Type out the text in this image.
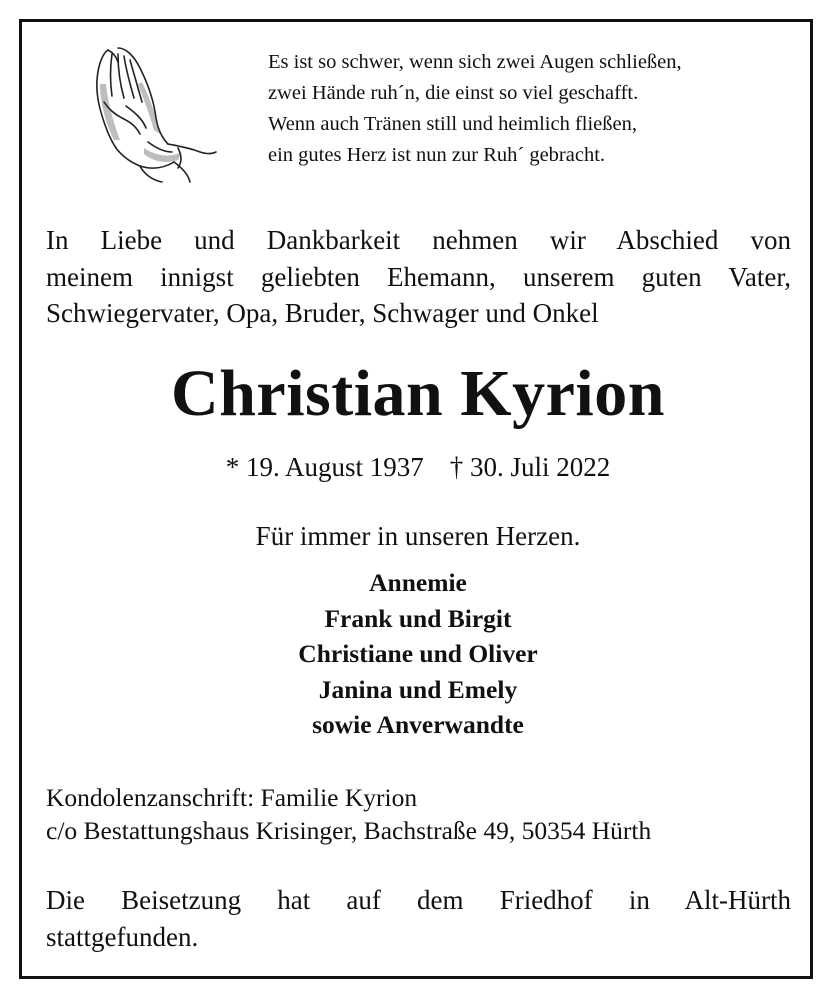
Es ist so schwer, wenn sich zwei Augen schließen,
zwei Hände ruh´n, die einst so viel geschafft.
Wenn auch Tränen still und heimlich fließen,
ein gutes Herz ist nun zur Ruh´ gebracht.
In Liebe und Dankbarkeit nehmen wir Abschied von
meinem innigst geliebten Ehemann, unserem guten Vater,
Schwiegervater, Opa, Bruder, Schwager und Onkel
Christian Kyrion
* 19. August 1937 † 30. Juli 2022
Für immer in unseren Herzen.
Annemie
Frank und Birgit
Christiane und Oliver
Janina und Emely
sowie Anverwandte
Kondolenzanschrift: Familie Kyrion
c/o Bestattungshaus Krisinger, Bachstraße 49, 50354 Hürth
Die Beisetzung hat auf dem Friedhof in Alt-Hürth
stattgefunden.
